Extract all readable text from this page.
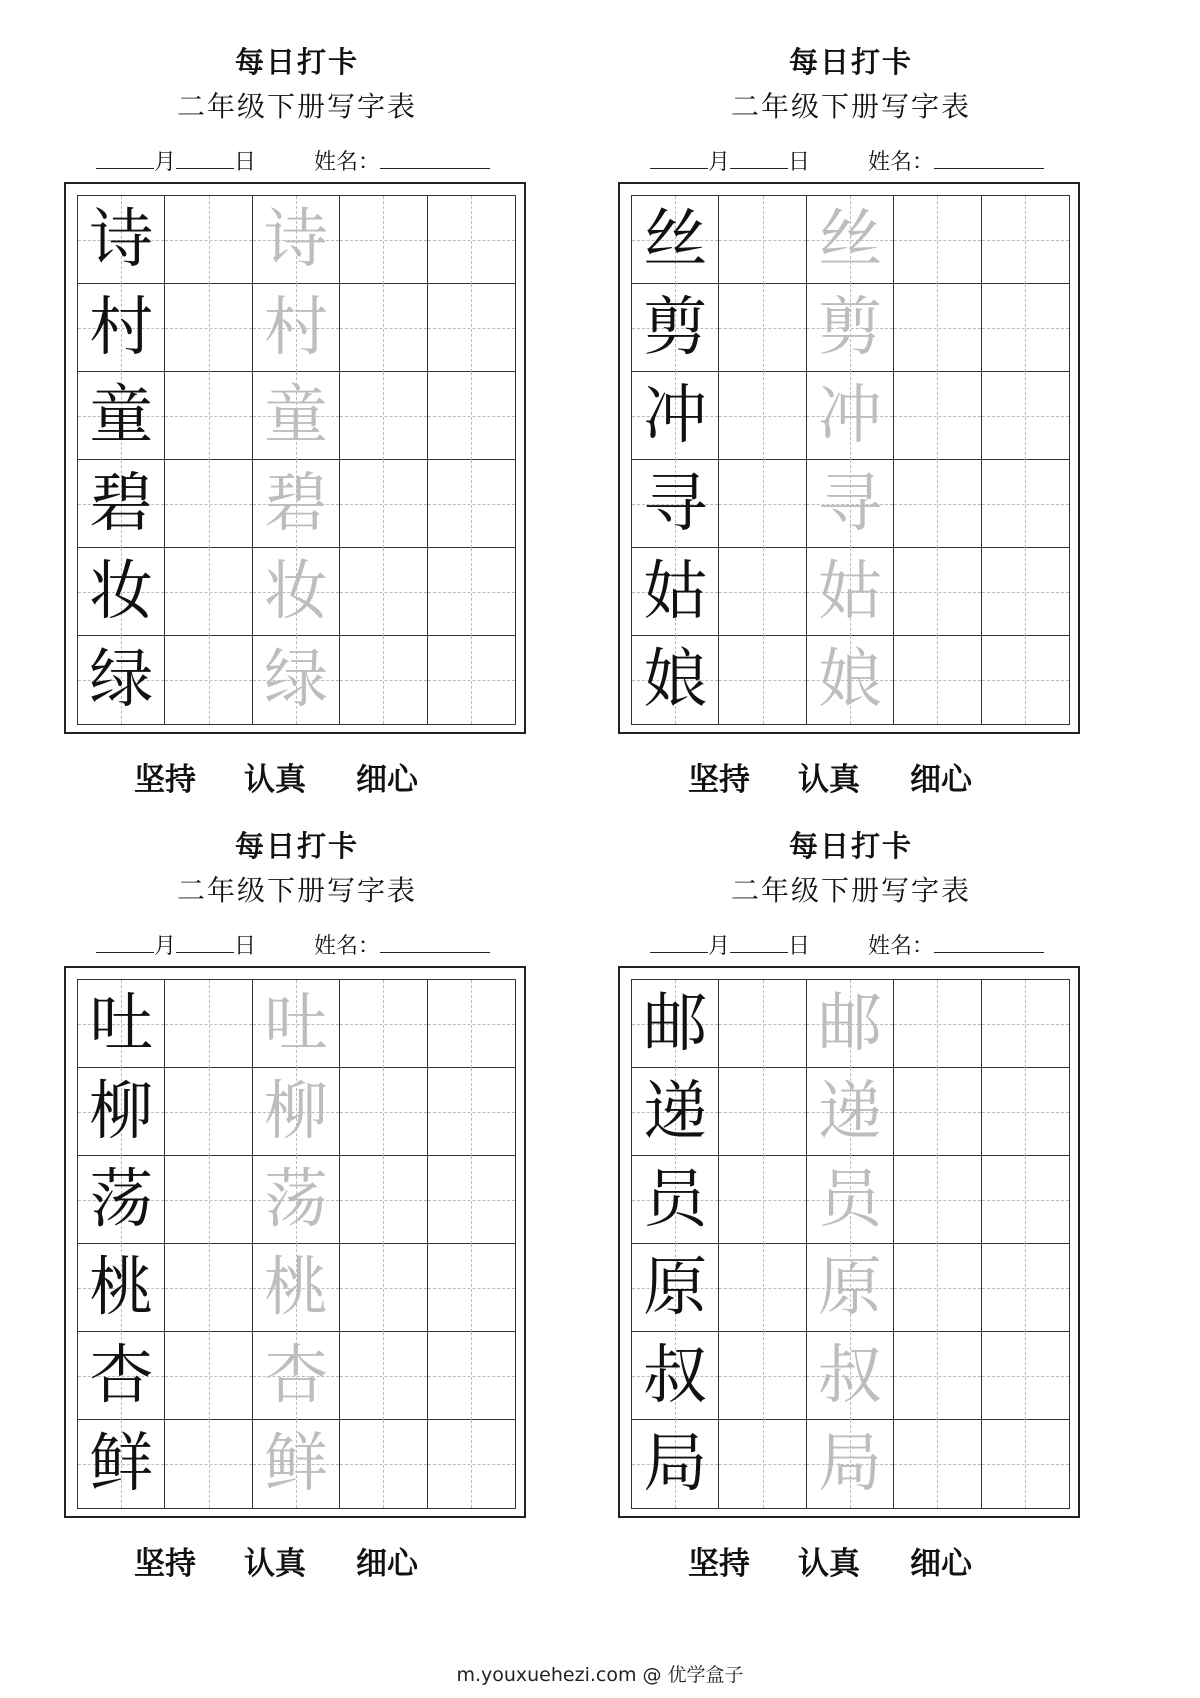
每日打卡
二年级下册写字表
月	日	姓名：
诗 诗
村 村
童 童
碧 碧
妆 妆
绿 绿
坚持 认真 细心
每日打卡
二年级下册写字表
月	日	姓名：
丝 丝
剪 剪
冲 冲
寻 寻
姑 姑
娘 娘
坚持 认真 细心
每日打卡
二年级下册写字表
月	日	姓名：
吐 吐
柳 柳
荡 荡
桃 桃
杏 杏
鲜 鲜
坚持 认真 细心
每日打卡
二年级下册写字表
月	日	姓名：
邮 邮
递 递
员 员
原 原
叔 叔
局 局
坚持 认真 细心
m.youxuehezi.com @ 优学盒子
